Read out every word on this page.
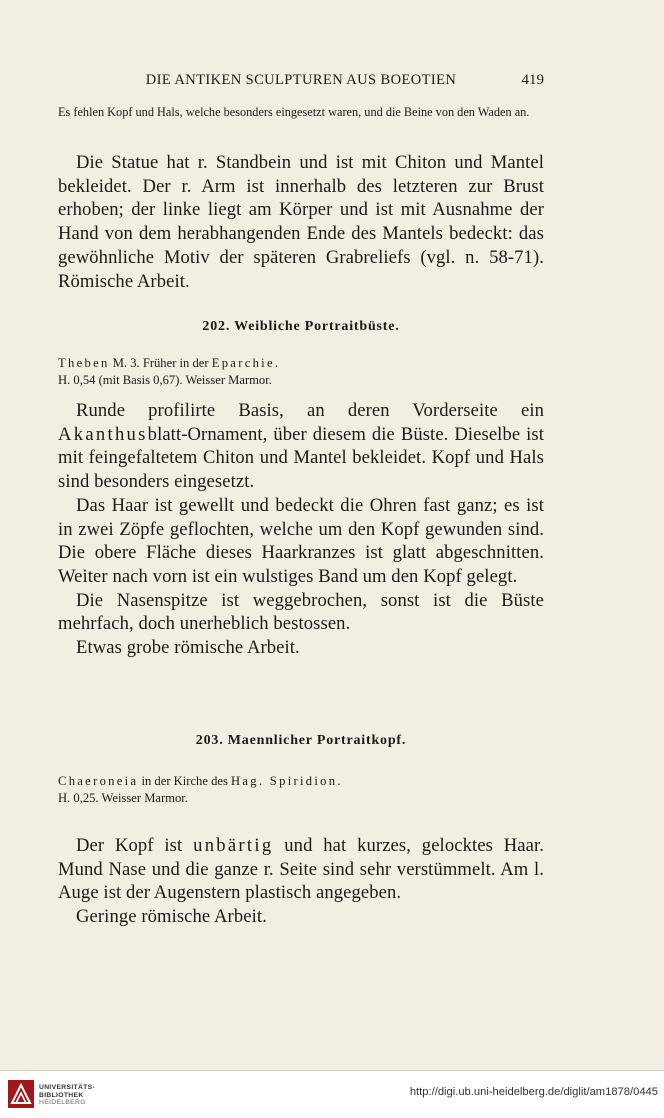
DIE ANTIKEN SCULPTUREN AUS BOEOTIEN	419

Es fehlen Kopf und Hals, welche besonders eingesetzt waren, und die Beine von den Waden an.

Die Statue hat r. Standbein und ist mit Chiton und Mantel bekleidet. Der r. Arm ist innerhalb des letzteren zur Brust erhoben; der linke liegt am Körper und ist mit Ausnahme der Hand von dem herabhangenden Ende des Mantels bedeckt: das gewöhnliche Motiv der späteren Grabreliefs (vgl. n. 58-71). Römische Arbeit.

202. Weibliche Portraitbüste.

Theben M. 3. Früher in der Eparchie.

H. 0,54 (mit Basis 0,67). Weisser Marmor.

Runde profilirte Basis, an deren Vorderseite ein Akanthusblatt-Ornament, über diesem die Büste. Dieselbe ist mit feingefaltetem Chiton und Mantel bekleidet. Kopf und Hals sind besonders eingesetzt.

Das Haar ist gewellt und bedeckt die Ohren fast ganz; es ist in zwei Zöpfe geflochten, welche um den Kopf gewunden sind. Die obere Fläche dieses Haarkranzes ist glatt abgeschnitten. Weiter nach vorn ist ein wulstiges Band um den Kopf gelegt.

Die Nasenspitze ist weggebrochen, sonst ist die Büste mehrfach, doch unerheblich bestossen.

Etwas grobe römische Arbeit.

203. Maennlicher Portraitkopf.

Chaeroneia in der Kirche des Hag. Spiridion.

H. 0,25. Weisser Marmor.

Der Kopf ist unbärtig und hat kurzes, gelocktes Haar. Mund Nase und die ganze r. Seite sind sehr verstümmelt. Am l. Auge ist der Augenstern plastisch angegeben.

Geringe römische Arbeit.

UNIVERSITÄTS-
BIBLIOTHEK
HEIDELBERG
http://digi.ub.uni-heidelberg.de/diglit/am1878/0445
